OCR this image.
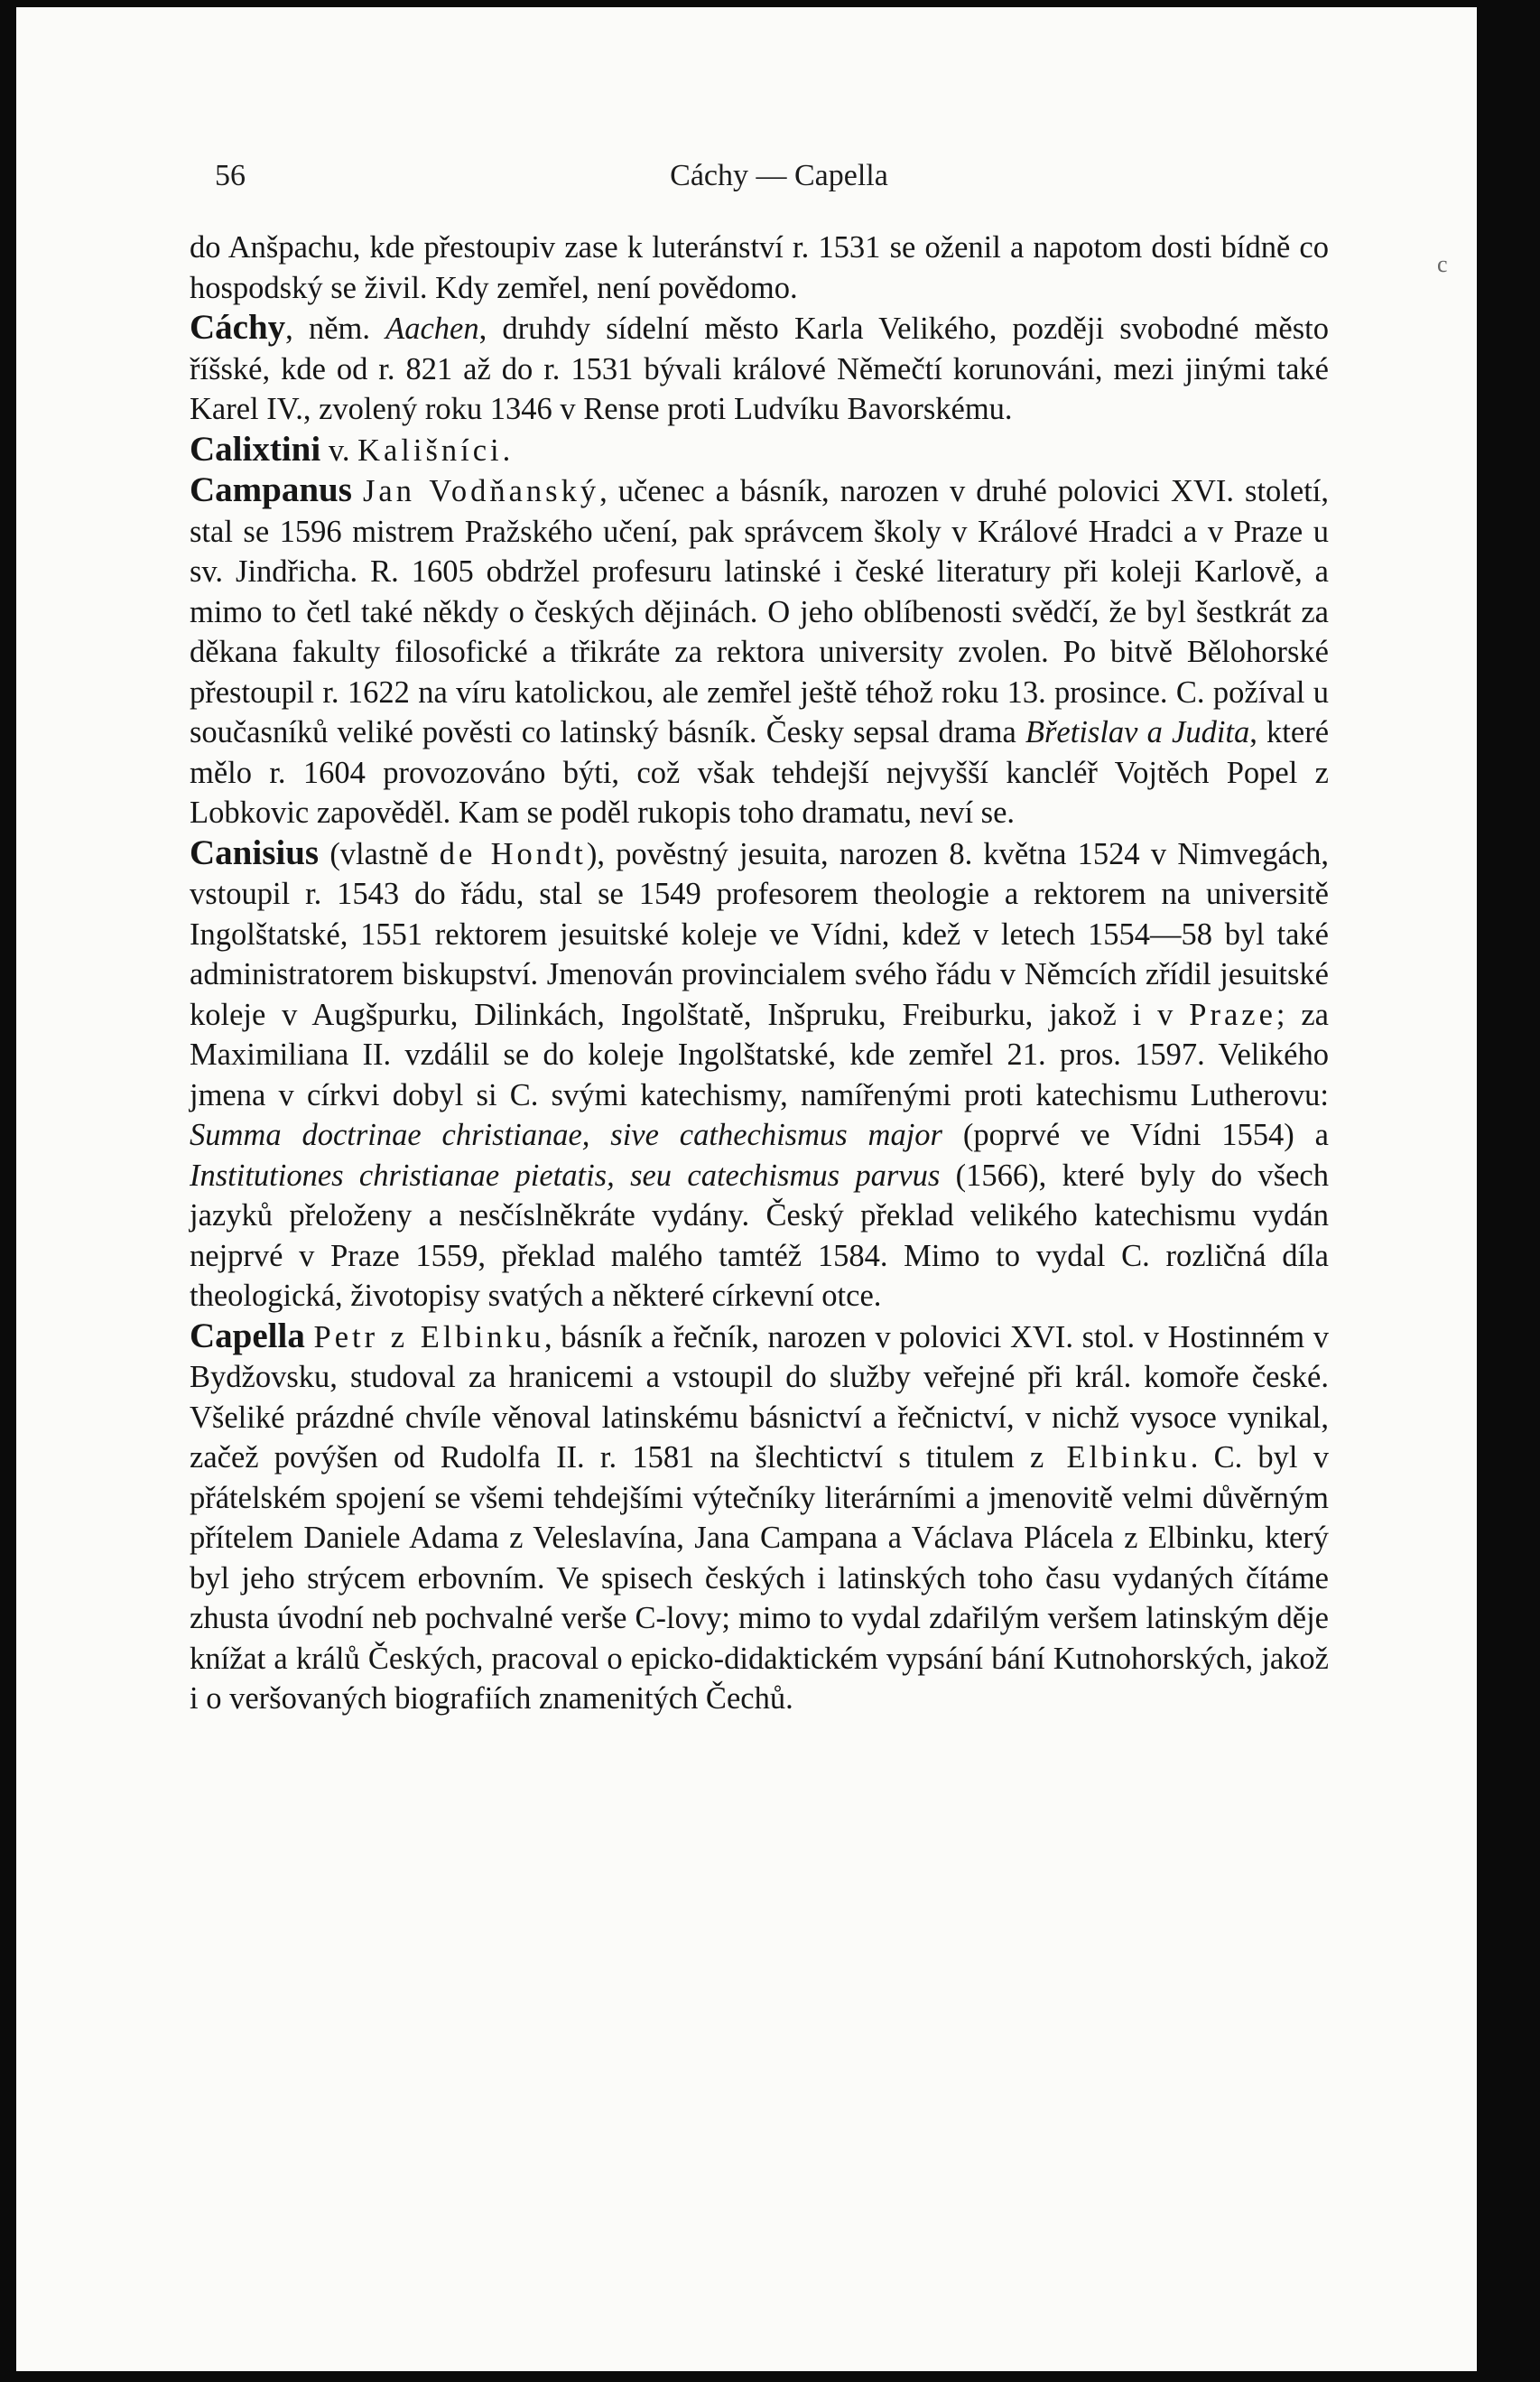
56	Cáchy — Capella
c

do Anšpachu, kde přestoupiv zase k luteránství r. 1531 se oženil a napotom dosti bídně co hospodský se živil. Kdy zemřel, není povědomo.

Cáchy, něm. Aachen, druhdy sídelní město Karla Velikého, později svobodné město říšské, kde od r. 821 až do r. 1531 bývali králové Němečtí korunováni, mezi jinými také Karel IV., zvolený roku 1346 v Rense proti Ludvíku Bavorskému.

Calixtini v. Kališníci.

Campanus Jan Vodňanský, učenec a básník, narozen v druhé polovici XVI. století, stal se 1596 mistrem Pražského učení, pak správcem školy v Králové Hradci a v Praze u sv. Jindřicha. R. 1605 obdržel profesuru latinské i české literatury při koleji Karlově, a mimo to četl také někdy o českých dějinách. O jeho oblíbenosti svědčí, že byl šestkrát za děkana fakulty filosofické a třikráte za rektora university zvolen. Po bitvě Bělohorské přestoupil r. 1622 na víru katolickou, ale zemřel ještě téhož roku 13. prosince. C. požíval u současníků veliké pověsti co latinský básník. Česky sepsal drama Břetislav a Judita, které mělo r. 1604 provozováno býti, což však tehdejší nejvyšší kancléř Vojtěch Popel z Lobkovic zapověděl. Kam se poděl rukopis toho dramatu, neví se.

Canisius (vlastně de Hondt), pověstný jesuita, narozen 8. května 1524 v Nimvegách, vstoupil r. 1543 do řádu, stal se 1549 profesorem theologie a rektorem na universitě Ingolštatské, 1551 rektorem jesuitské koleje ve Vídni, kdež v letech 1554—58 byl také administratorem biskupství. Jmenován provincialem svého řádu v Němcích zřídil jesuitské koleje v Augšpurku, Dilinkách, Ingolštatě, Inšpruku, Freiburku, jakož i v Praze; za Maximiliana II. vzdálil se do koleje Ingolštatské, kde zemřel 21. pros. 1597. Velikého jmena v církvi dobyl si C. svými katechismy, namířenými proti katechismu Lutherovu: Summa doctrinae christianae, sive cathechismus major (poprvé ve Vídni 1554) a Institutiones christianae pietatis, seu catechismus parvus (1566), které byly do všech jazyků přeloženy a nesčíslněkráte vydány. Český překlad velikého katechismu vydán nejprvé v Praze 1559, překlad malého tamtéž 1584. Mimo to vydal C. rozličná díla theologická, životopisy svatých a některé církevní otce.

Capella Petr z Elbinku, básník a řečník, narozen v polovici XVI. stol. v Hostinném v Bydžovsku, studoval za hranicemi a vstoupil do služby veřejné při král. komoře české. Všeliké prázdné chvíle věnoval latinskému básnictví a řečnictví, v nichž vysoce vynikal, začež povýšen od Rudolfa II. r. 1581 na šlechtictví s titulem z Elbinku. C. byl v přátelském spojení se všemi tehdejšími výtečníky literárními a jmenovitě velmi důvěrným přítelem Daniele Adama z Veleslavína, Jana Campana a Václava Plácela z Elbinku, který byl jeho strýcem erbovním. Ve spisech českých i latinských toho času vydaných čítáme zhusta úvodní neb pochvalné verše C-lovy; mimo to vydal zdařilým veršem latinským děje knížat a králů Českých, pracoval o epicko-didaktickém vypsání bání Kutnohorských, jakož i o veršovaných biografiích znamenitých Čechů.
